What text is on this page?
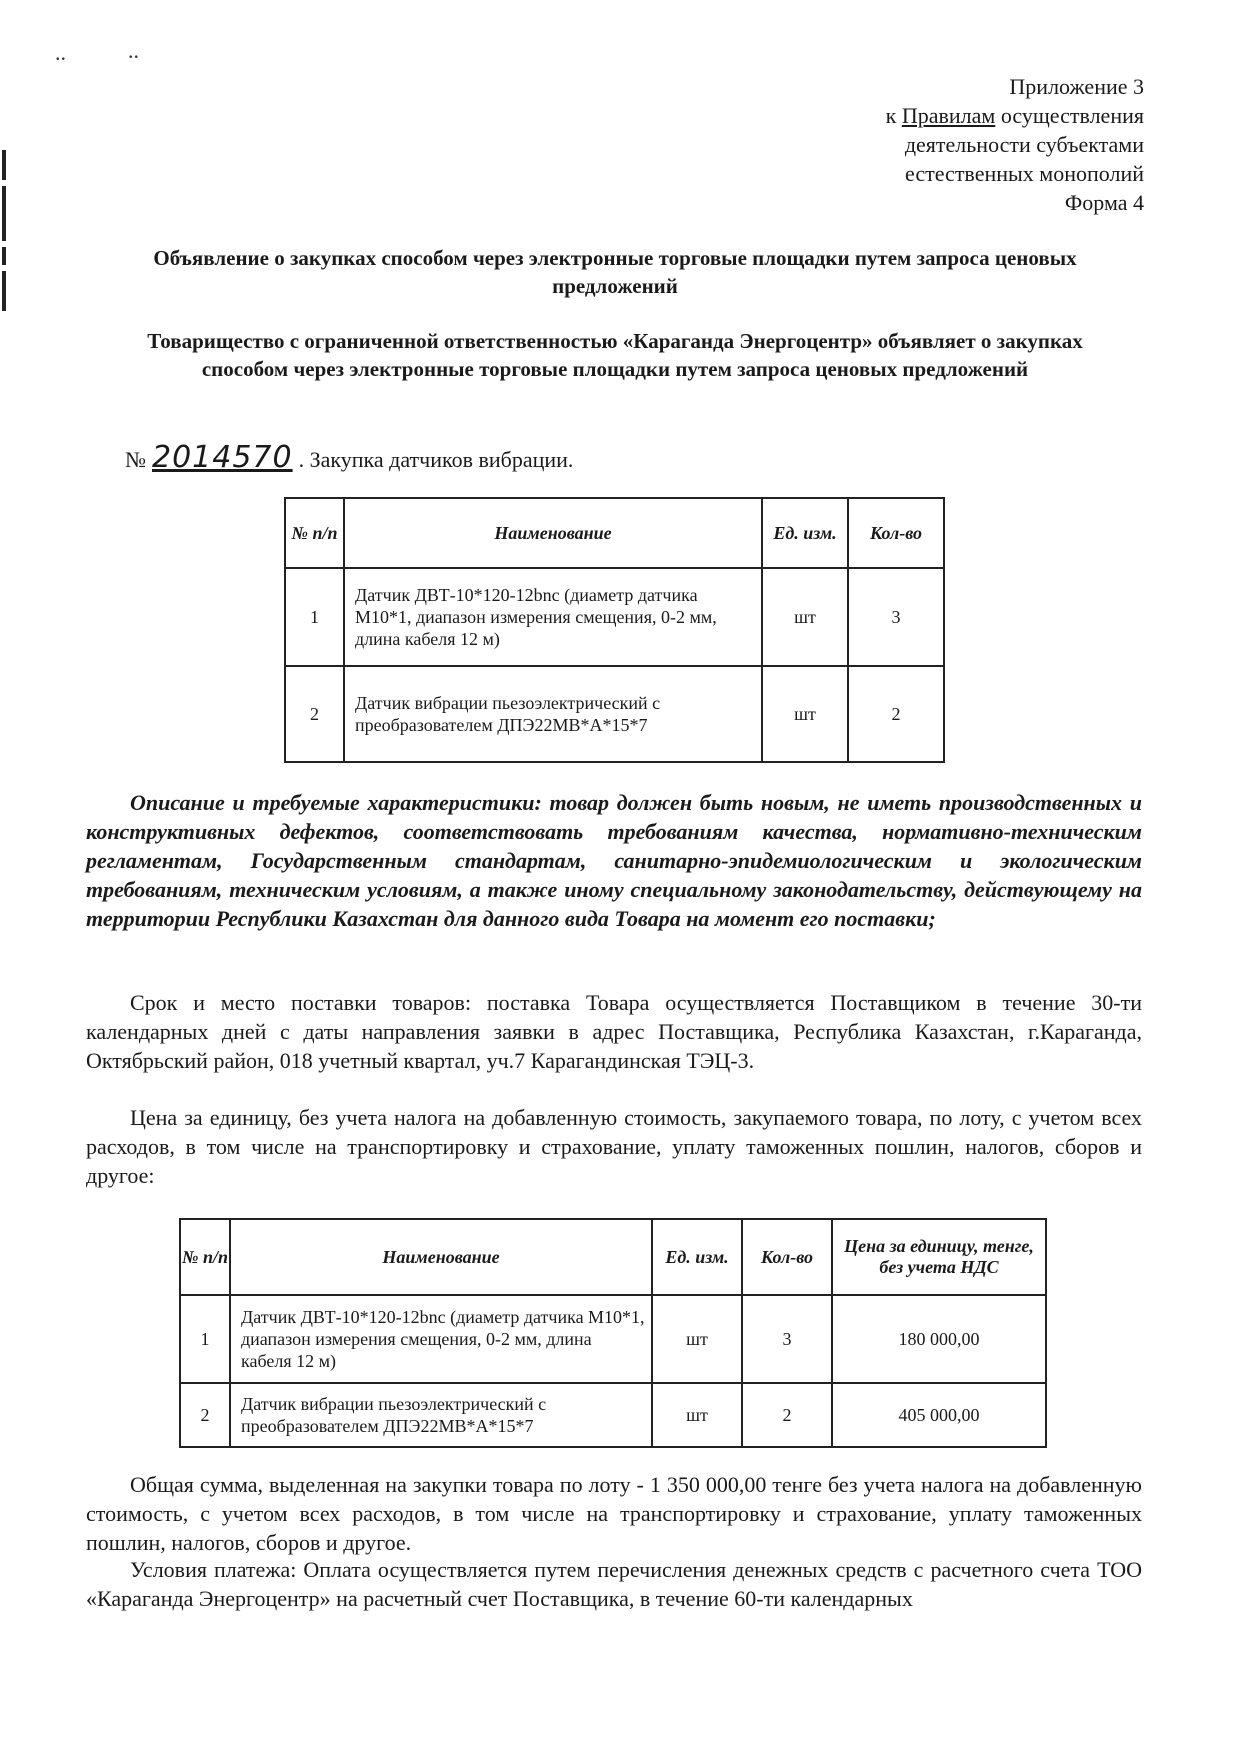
..	..
Приложение 3
к Правилам осуществления
деятельности субъектами
естественных монополий
Форма 4
Объявление о закупках способом через электронные торговые площадки путем запроса ценовых предложений
Товарищество с ограниченной ответственностью «Караганда Энергоцентр» объявляет о закупках способом через электронные торговые площадки путем запроса ценовых предложений
№ 2014570 . Закупка датчиков вибрации.
№ п/п	Наименование	Ед. изм.	Кол-во
1	Датчик ДВТ-10*120-12bnc (диаметр датчика М10*1, диапазон измерения смещения, 0-2 мм, длина кабеля 12 м)	шт	3
2	Датчик вибрации пьезоэлектрический с преобразователем ДПЭ22МВ*А*15*7	шт	2
Описание и требуемые характеристики: товар должен быть новым, не иметь производственных и конструктивных дефектов, соответствовать требованиям качества, нормативно-техническим регламентам, Государственным стандартам, санитарно-эпидемиологическим и экологическим требованиям, техническим условиям, а также иному специальному законодательству, действующему на территории Республики Казахстан для данного вида Товара на момент его поставки;
Срок и место поставки товаров: поставка Товара осуществляется Поставщиком в течение 30-ти календарных дней с даты направления заявки в адрес Поставщика, Республика Казахстан, г.Караганда, Октябрьский район, 018 учетный квартал, уч.7 Карагандинская ТЭЦ-3.
Цена за единицу, без учета налога на добавленную стоимость, закупаемого товара, по лоту, с учетом всех расходов, в том числе на транспортировку и страхование, уплату таможенных пошлин, налогов, сборов и другое:
№ п/п	Наименование	Ед. изм.	Кол-во	Цена за единицу, тенге, без учета НДС
1	Датчик ДВТ-10*120-12bnc (диаметр датчика М10*1, диапазон измерения смещения, 0-2 мм, длина кабеля 12 м)	шт	3	180 000,00
2	Датчик вибрации пьезоэлектрический с преобразователем ДПЭ22МВ*А*15*7	шт	2	405 000,00
Общая сумма, выделенная на закупки товара по лоту - 1 350 000,00 тенге без учета налога на добавленную стоимость, с учетом всех расходов, в том числе на транспортировку и страхование, уплату таможенных пошлин, налогов, сборов и другое.
Условия платежа: Оплата осуществляется путем перечисления денежных средств с расчетного счета ТОО «Караганда Энергоцентр» на расчетный счет Поставщика, в течение 60-ти календарных
